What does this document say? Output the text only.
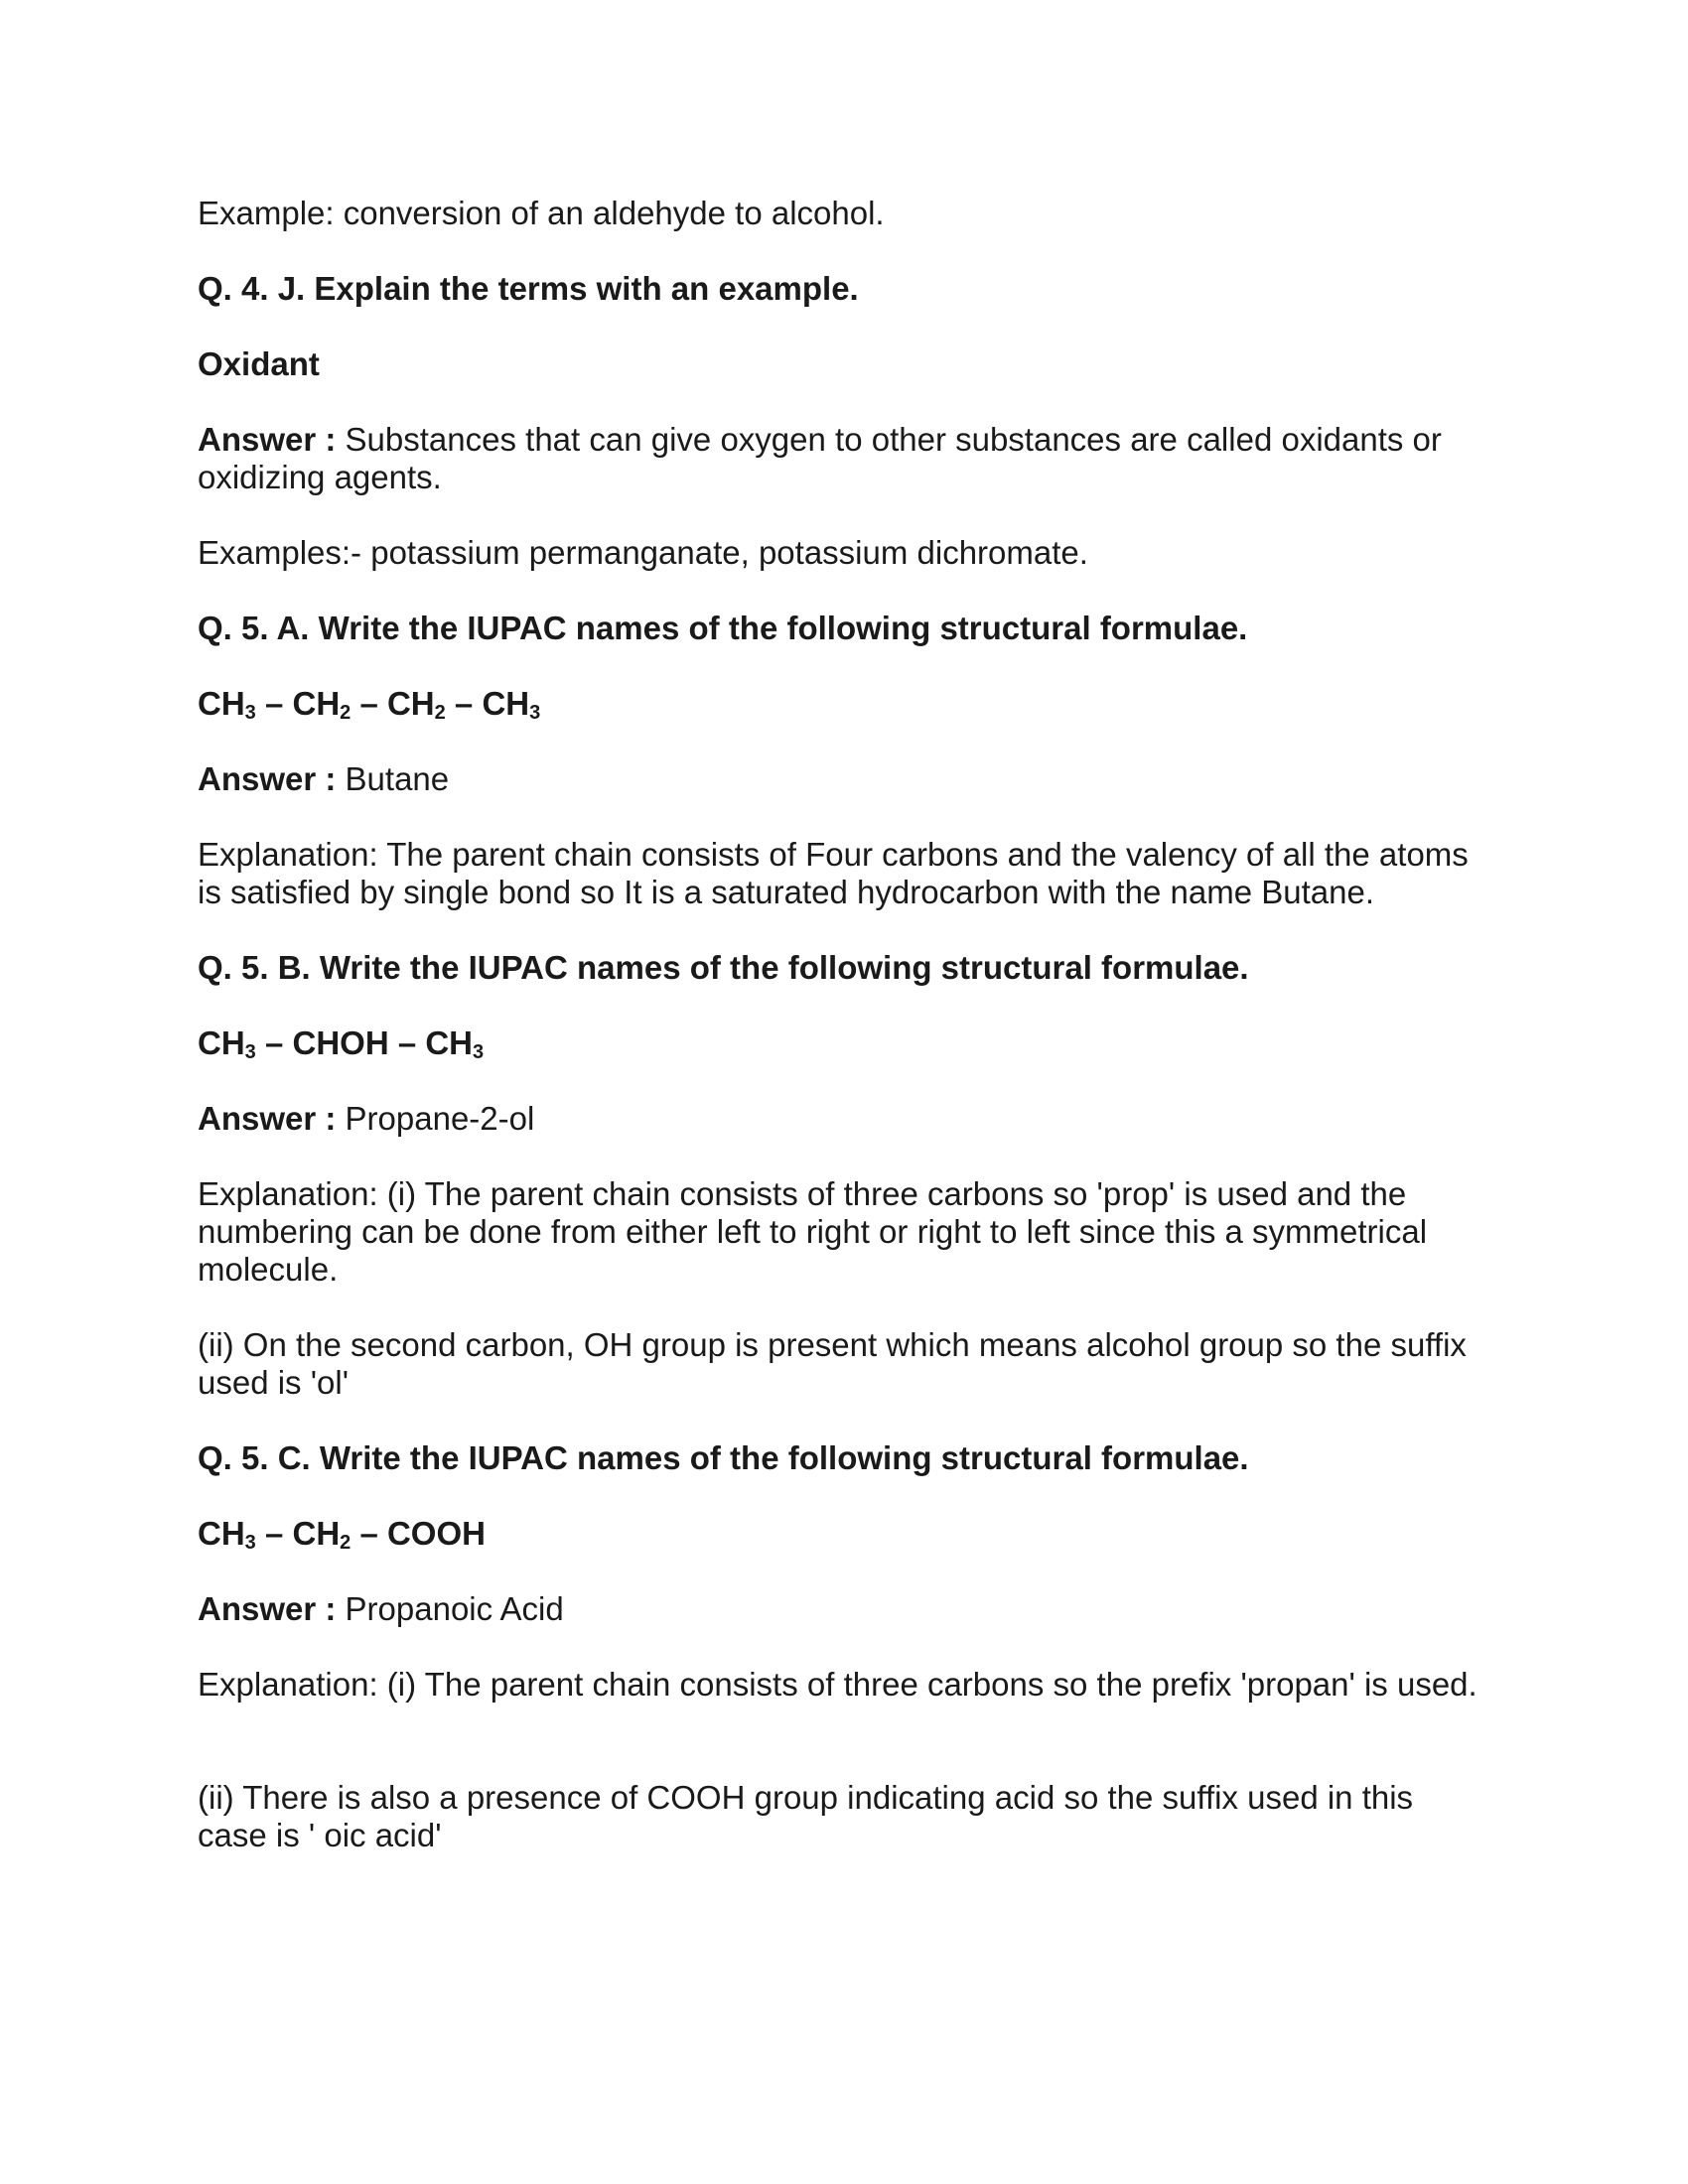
Example: conversion of an aldehyde to alcohol.
Q. 4. J. Explain the terms with an example.
Oxidant
Answer : Substances that can give oxygen to other substances are called oxidants or oxidizing agents.
Examples:- potassium permanganate, potassium dichromate.
Q. 5. A. Write the IUPAC names of the following structural formulae.
$CH_3 - CH_2 - CH_2 - CH_3$
Answer : Butane
Explanation: The parent chain consists of Four carbons and the valency of all the atoms is satisfied by single bond so It is a saturated hydrocarbon with the name Butane.
Q. 5. B. Write the IUPAC names of the following structural formulae.
$CH_3$ – CHOH – $CH_3$
Answer : Propane-2-ol
Explanation: (i) The parent chain consists of three carbons so 'prop' is used and the numbering can be done from either left to right or right to left since this a symmetrical molecule.
(ii) On the second carbon, OH group is present which means alcohol group so the suffix used is 'ol'
Q. 5. C. Write the IUPAC names of the following structural formulae.
$CH_3 - CH_2$ – COOH
Answer : Propanoic Acid
Explanation: (i) The parent chain consists of three carbons so the prefix 'propan' is used.
(ii) There is also a presence of COOH group indicating acid so the suffix used in this case is ' oic acid'
